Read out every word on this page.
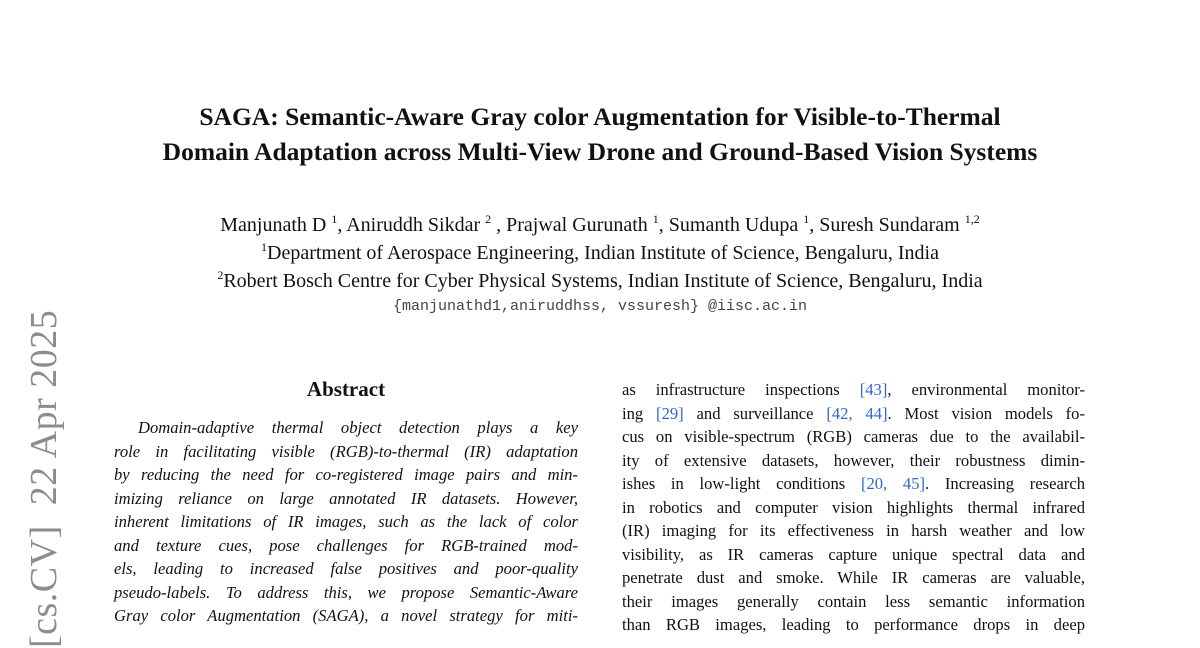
[cs.CV]22 Apr 2025
SAGA: Semantic-Aware Gray color Augmentation for Visible-to-Thermal
Domain Adaptation across Multi-View Drone and Ground-Based Vision Systems
Manjunath D $^1$, Aniruddh Sikdar $^2$ , Prajwal Gurunath $^1$, Sumanth Udupa $^1$, Suresh Sundaram $^{1,2}$
$^1$Department of Aerospace Engineering, Indian Institute of Science, Bengaluru, India
$^2$Robert Bosch Centre for Cyber Physical Systems, Indian Institute of Science, Bengaluru, India
{manjunathd1,aniruddhss, vssuresh} @iisc.ac.in
Abstract
Domain-adaptive thermal object detection plays a key
role in facilitating visible (RGB)-to-thermal (IR) adaptation
by reducing the need for co-registered image pairs and min-
imizing reliance on large annotated IR datasets. However,
inherent limitations of IR images, such as the lack of color
and texture cues, pose challenges for RGB-trained mod-
els, leading to increased false positives and poor-quality
pseudo-labels. To address this, we propose Semantic-Aware
Gray color Augmentation (SAGA), a novel strategy for miti-
as infrastructure inspections [43], environmental monitor-
ing [29] and surveillance [42, 44]. Most vision models fo-
cus on visible-spectrum (RGB) cameras due to the availabil-
ity of extensive datasets, however, their robustness dimin-
ishes in low-light conditions [20, 45]. Increasing research
in robotics and computer vision highlights thermal infrared
(IR) imaging for its effectiveness in harsh weather and low
visibility, as IR cameras capture unique spectral data and
penetrate dust and smoke. While IR cameras are valuable,
their images generally contain less semantic information
than RGB images, leading to performance drops in deep
